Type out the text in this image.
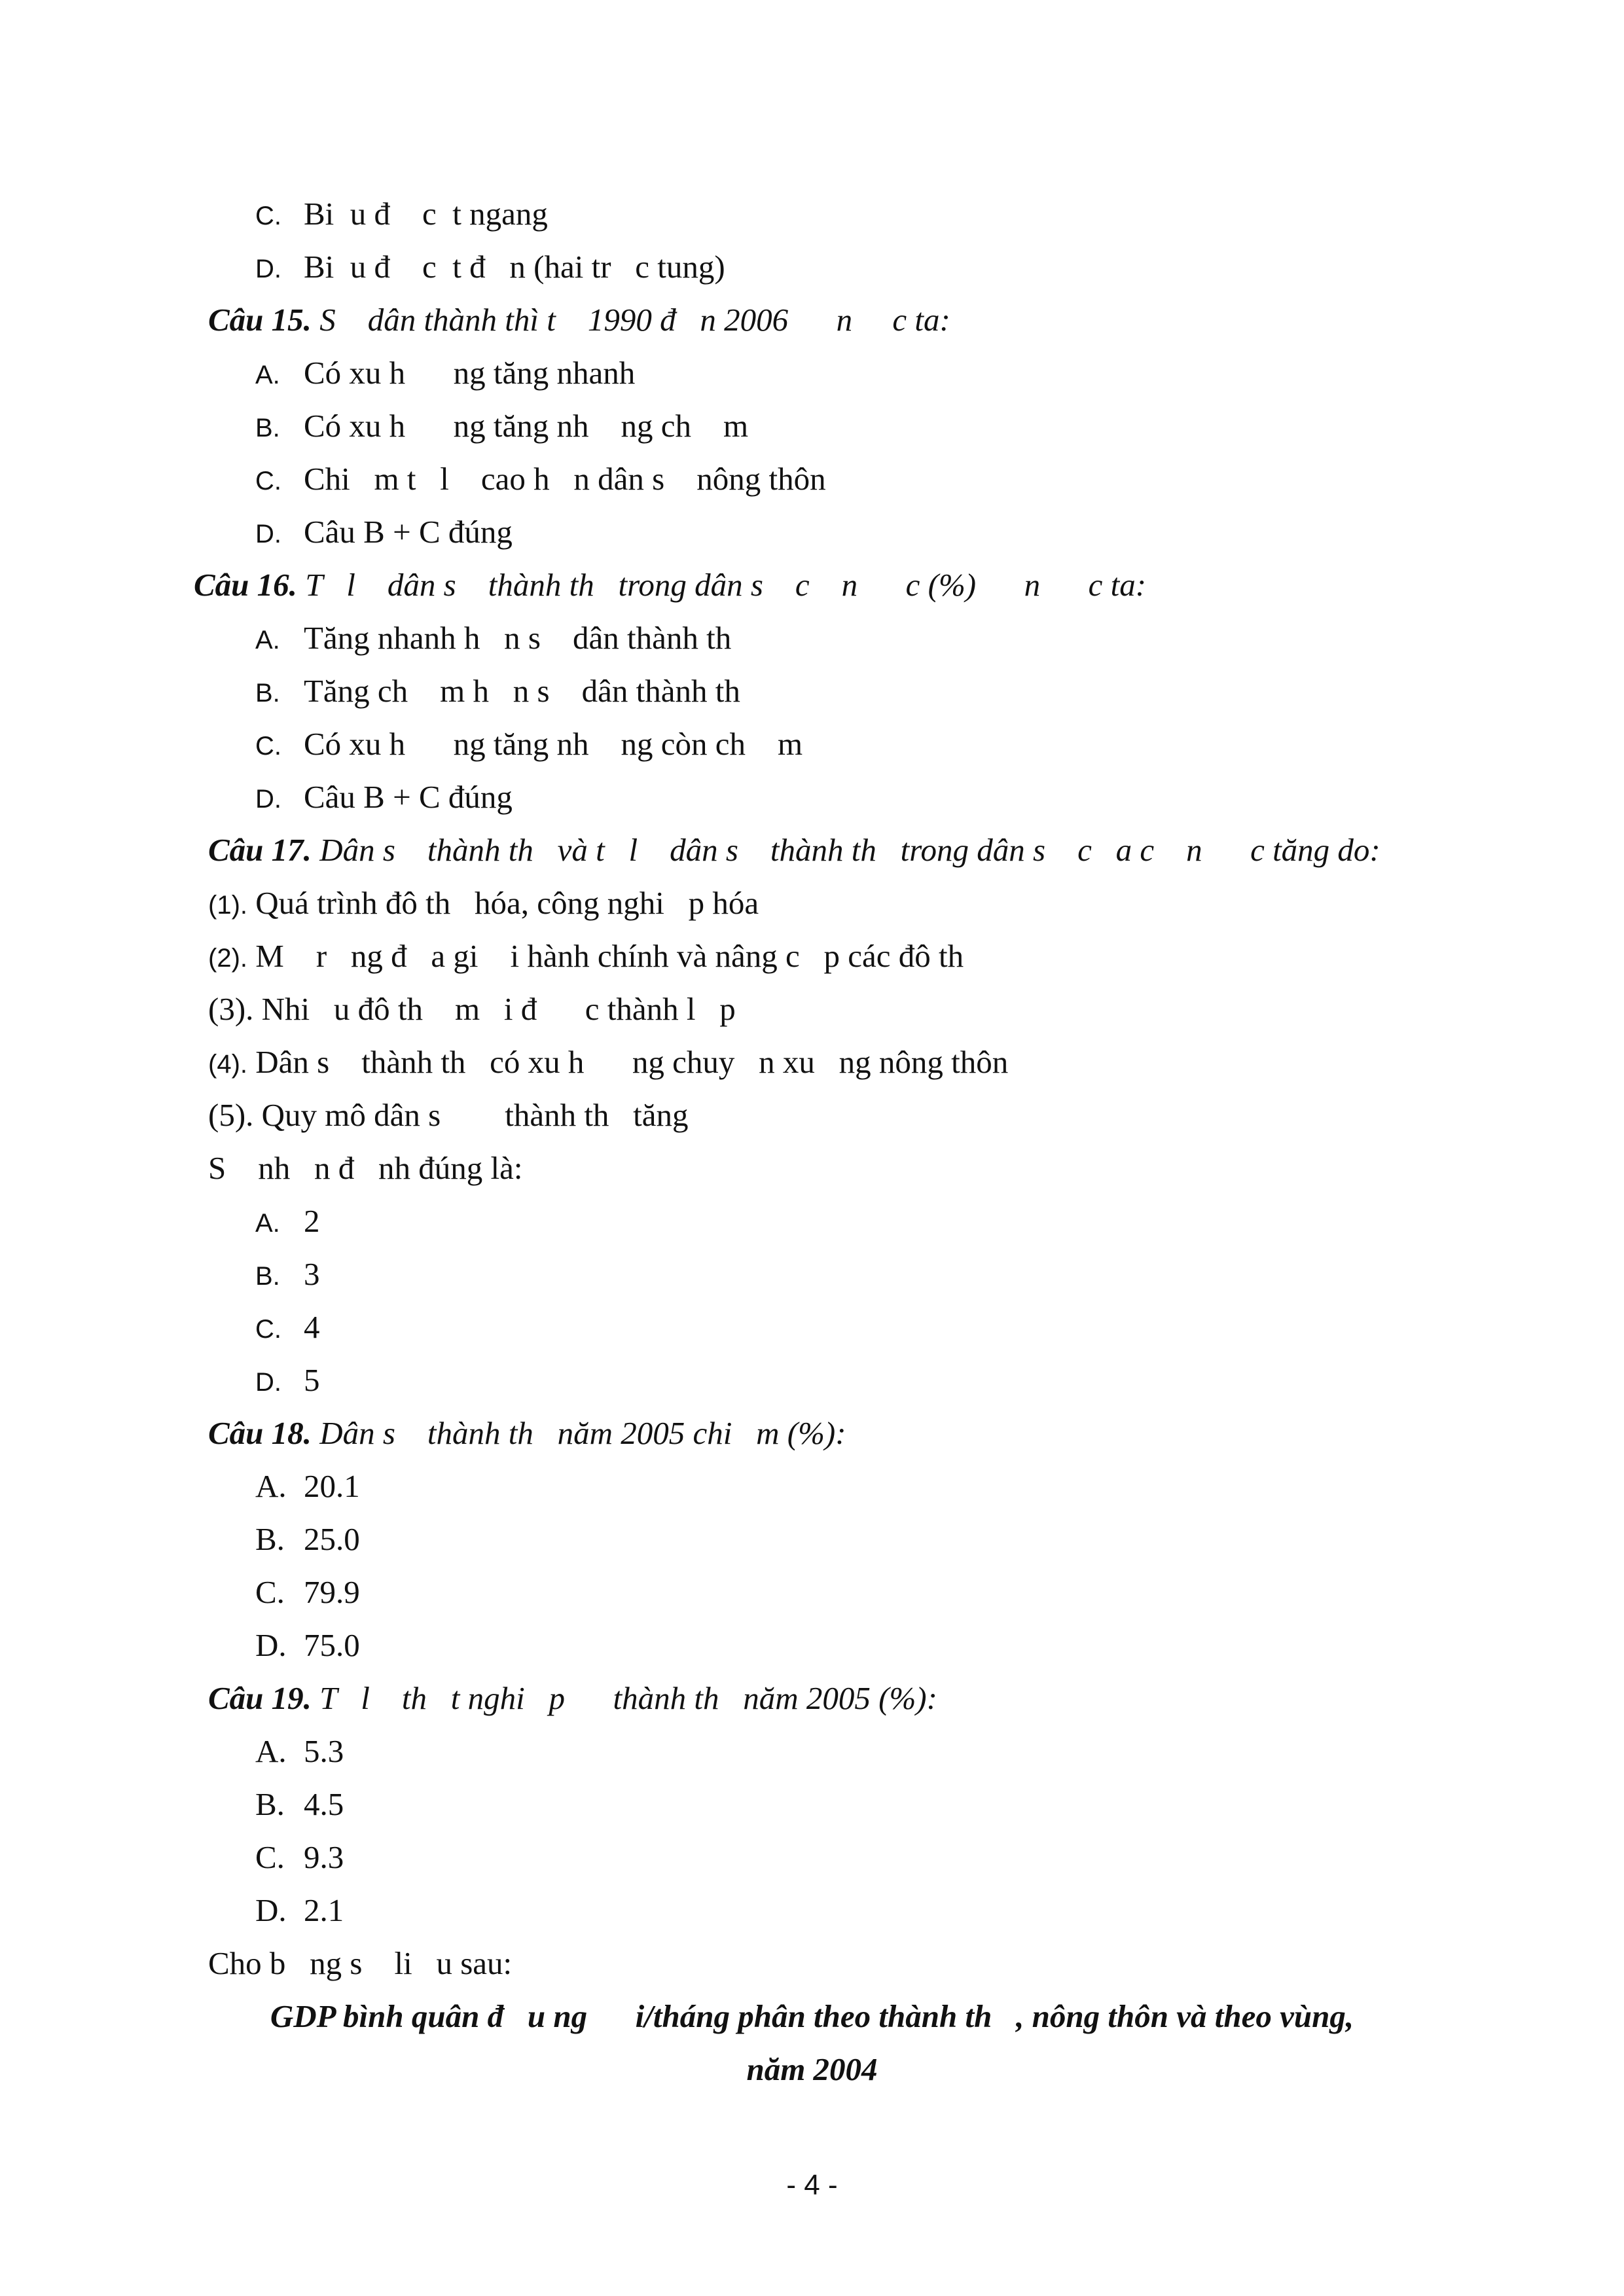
C. Bi  u đ    c  t ngang
D. Bi  u đ    c  t đ   n (hai tr   c tung)
Câu 15. S    dân thành thì t    1990 đ   n 2006      n     c ta:
A. Có xu h      ng tăng nhanh
B. Có xu h      ng tăng nh    ng ch    m
C. Chi   m t   l    cao h   n dân s    nông thôn
D. Câu B + C đúng
Câu 16. T   l    dân s    thành th   trong dân s    c    n      c (%)      n      c ta:
A. Tăng nhanh h   n s    dân thành th
B. Tăng ch    m h   n s    dân thành th
C. Có xu h      ng tăng nh    ng còn ch    m
D. Câu B + C đúng
Câu 17. Dân s    thành th   và t   l    dân s    thành th   trong dân s    c   a c    n      c tăng do:
(1). Quá trình đô th   hóa, công nghi   p hóa
(2). M    r   ng đ   a gi    i hành chính và nâng c   p các đô th
(3). Nhi   u đô th    m   i đ      c thành l   p
(4). Dân s    thành th   có xu h      ng chuy   n xu   ng nông thôn
(5). Quy mô dân s        thành th   tăng
S    nh   n đ   nh đúng là:
A. 2
B. 3
C. 4
D. 5
Câu 18. Dân s    thành th   năm 2005 chi   m (%):
A. 20.1
B. 25.0
C. 79.9
D. 75.0
Câu 19. T   l    th   t nghi   p      thành th   năm 2005 (%):
A. 5.3
B. 4.5
C. 9.3
D. 2.1
Cho b   ng s    li   u sau:
GDP bình quân đ   u ng      i/tháng phân theo thành th   , nông thôn và theo vùng,
năm 2004
- 4 -
